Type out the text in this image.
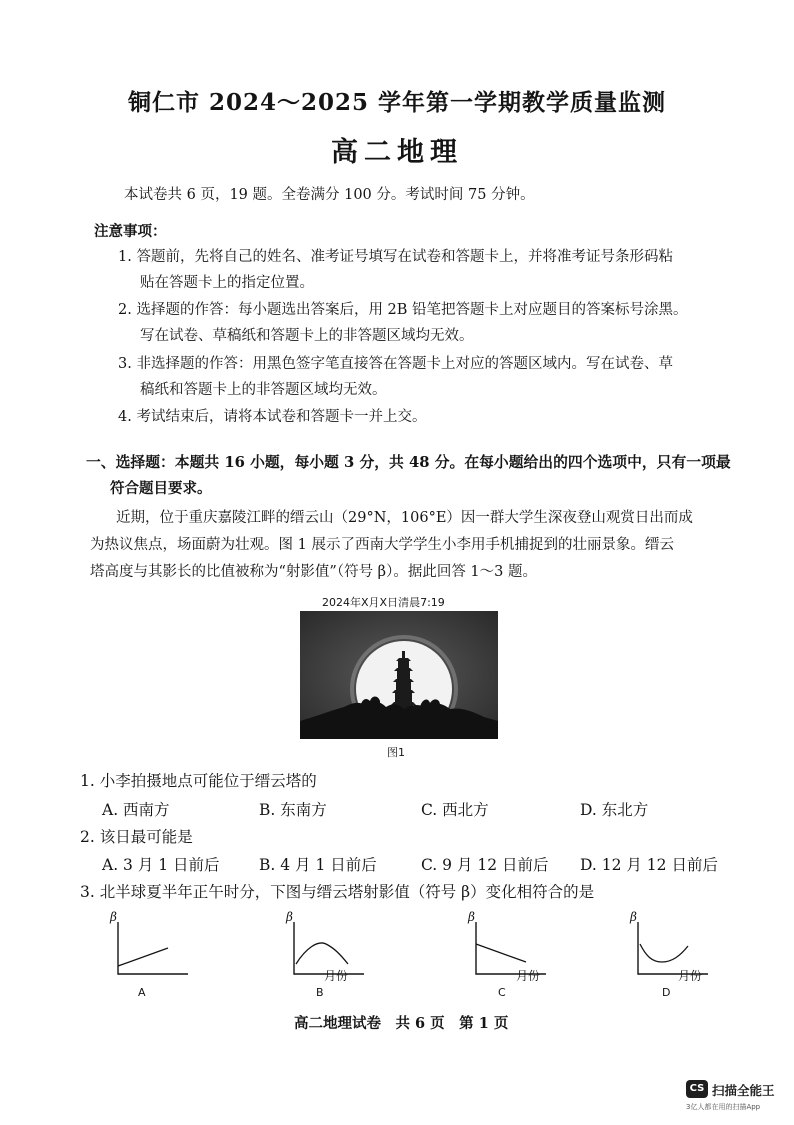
铜仁市 2024～2025 学年第一学期教学质量监测
高二地理
本试卷共 6 页，19 题。全卷满分 100 分。考试时间 75 分钟。
注意事项：
1. 答题前，先将自己的姓名、准考证号填写在试卷和答题卡上，并将准考证号条形码粘
贴在答题卡上的指定位置。
2. 选择题的作答：每小题选出答案后，用 2B 铅笔把答题卡上对应题目的答案标号涂黑。
写在试卷、草稿纸和答题卡上的非答题区域均无效。
3. 非选择题的作答：用黑色签字笔直接答在答题卡上对应的答题区域内。写在试卷、草
稿纸和答题卡上的非答题区域均无效。
4. 考试结束后，请将本试卷和答题卡一并上交。
一、选择题：本题共 16 小题，每小题 3 分，共 48 分。在每小题给出的四个选项中，只有一项最
符合题目要求。
近期，位于重庆嘉陵江畔的缙云山（29°N，106°E）因一群大学生深夜登山观赏日出而成
为热议焦点，场面蔚为壮观。图 1 展示了西南大学学生小李用手机捕捉到的壮丽景象。缙云
塔高度与其影长的比值被称为“射影值”（符号 β）。据此回答 1～3 题。
2024年X月X日清晨7:19
图1
1. 小李拍摄地点可能位于缙云塔的
A. 西南方	B. 东南方	C. 西北方	D. 东北方
2. 该日最可能是
A. 3 月 1 日前后	B. 4 月 1 日前后	C. 9 月 12 日前后 D. 12 月 12 日前后
3. 北半球夏半年正午时分，下图与缙云塔射影值（符号 β）变化相符合的是
β
A
β
月份
B
β
月份
C
β
月份
D
高二地理试卷　共 6 页　第 1 页
CS 扫描全能王
3亿人都在用的扫描App
